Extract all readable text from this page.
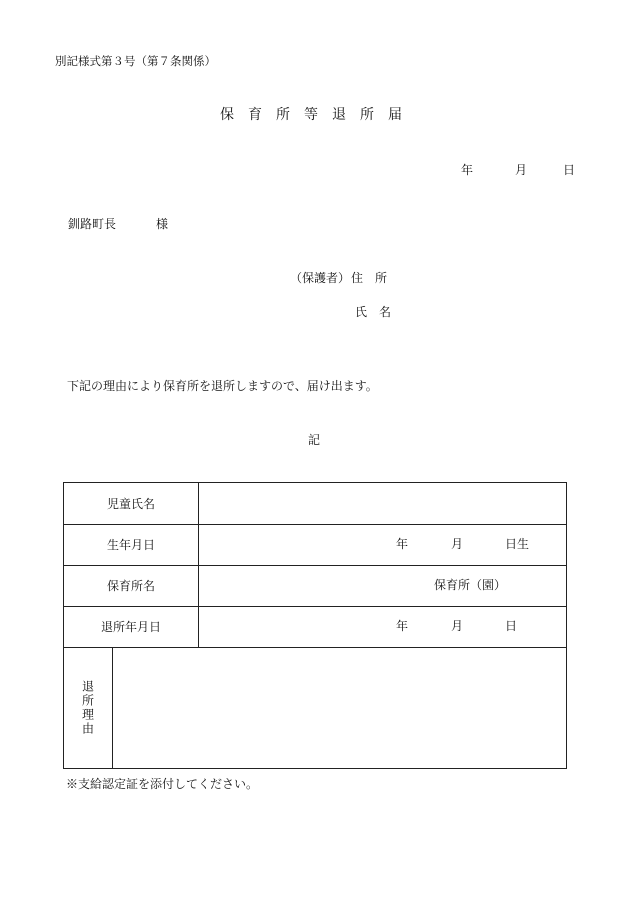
別記様式第３号（第７条関係）
保育所等退所届
年	月	日
釧路町長	様
（保護者） 住　所
氏　名
下記の理由により保育所を退所しますので、届け出ます。
記
児童氏名
生年月日	年	月	日生
保育所名	保育所（園）
退所年月日	年	月	日
退所理由
※支給認定証を添付してください。
